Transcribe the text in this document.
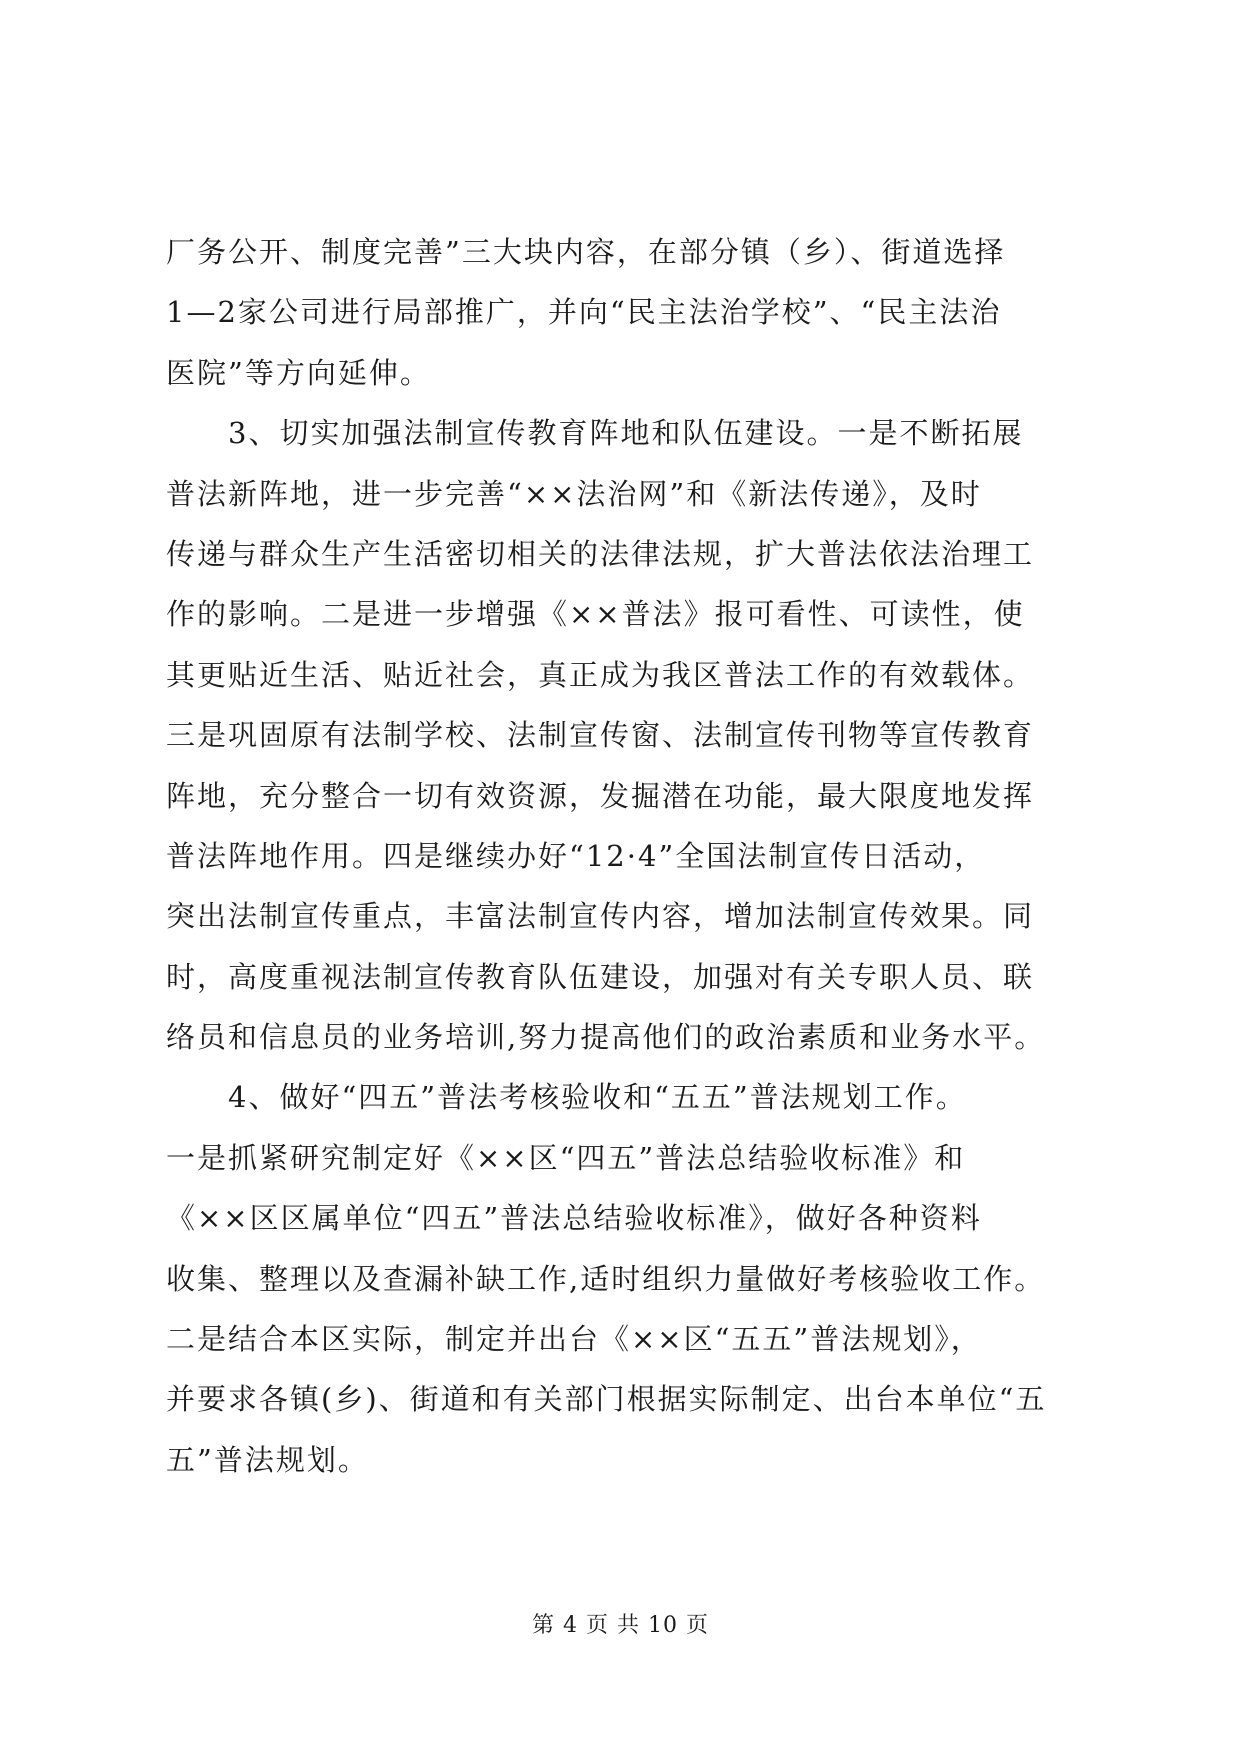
厂务公开、制度完善”三大块内容，在部分镇（乡）、街道选择
1—2家公司进行局部推广，并向“民主法治学校”、“民主法治
医院”等方向延伸。
3、切实加强法制宣传教育阵地和队伍建设。一是不断拓展
普法新阵地，进一步完善“××法治网”和《新法传递》，及时
传递与群众生产生活密切相关的法律法规，扩大普法依法治理工
作的影响。二是进一步增强《××普法》报可看性、可读性，使
其更贴近生活、贴近社会，真正成为我区普法工作的有效载体。
三是巩固原有法制学校、法制宣传窗、法制宣传刊物等宣传教育
阵地，充分整合一切有效资源，发掘潜在功能，最大限度地发挥
普法阵地作用。四是继续办好“12·4”全国法制宣传日活动，
突出法制宣传重点，丰富法制宣传内容，增加法制宣传效果。同
时，高度重视法制宣传教育队伍建设，加强对有关专职人员、联
络员和信息员的业务培训,努力提高他们的政治素质和业务水平。
4、做好“四五”普法考核验收和“五五”普法规划工作。
一是抓紧研究制定好《××区“四五”普法总结验收标准》和
《××区区属单位“四五”普法总结验收标准》，做好各种资料
收集、整理以及查漏补缺工作,适时组织力量做好考核验收工作。
二是结合本区实际，制定并出台《××区“五五”普法规划》，
并要求各镇(乡)、街道和有关部门根据实际制定、出台本单位“五
五”普法规划。
第 4 页 共 10 页
